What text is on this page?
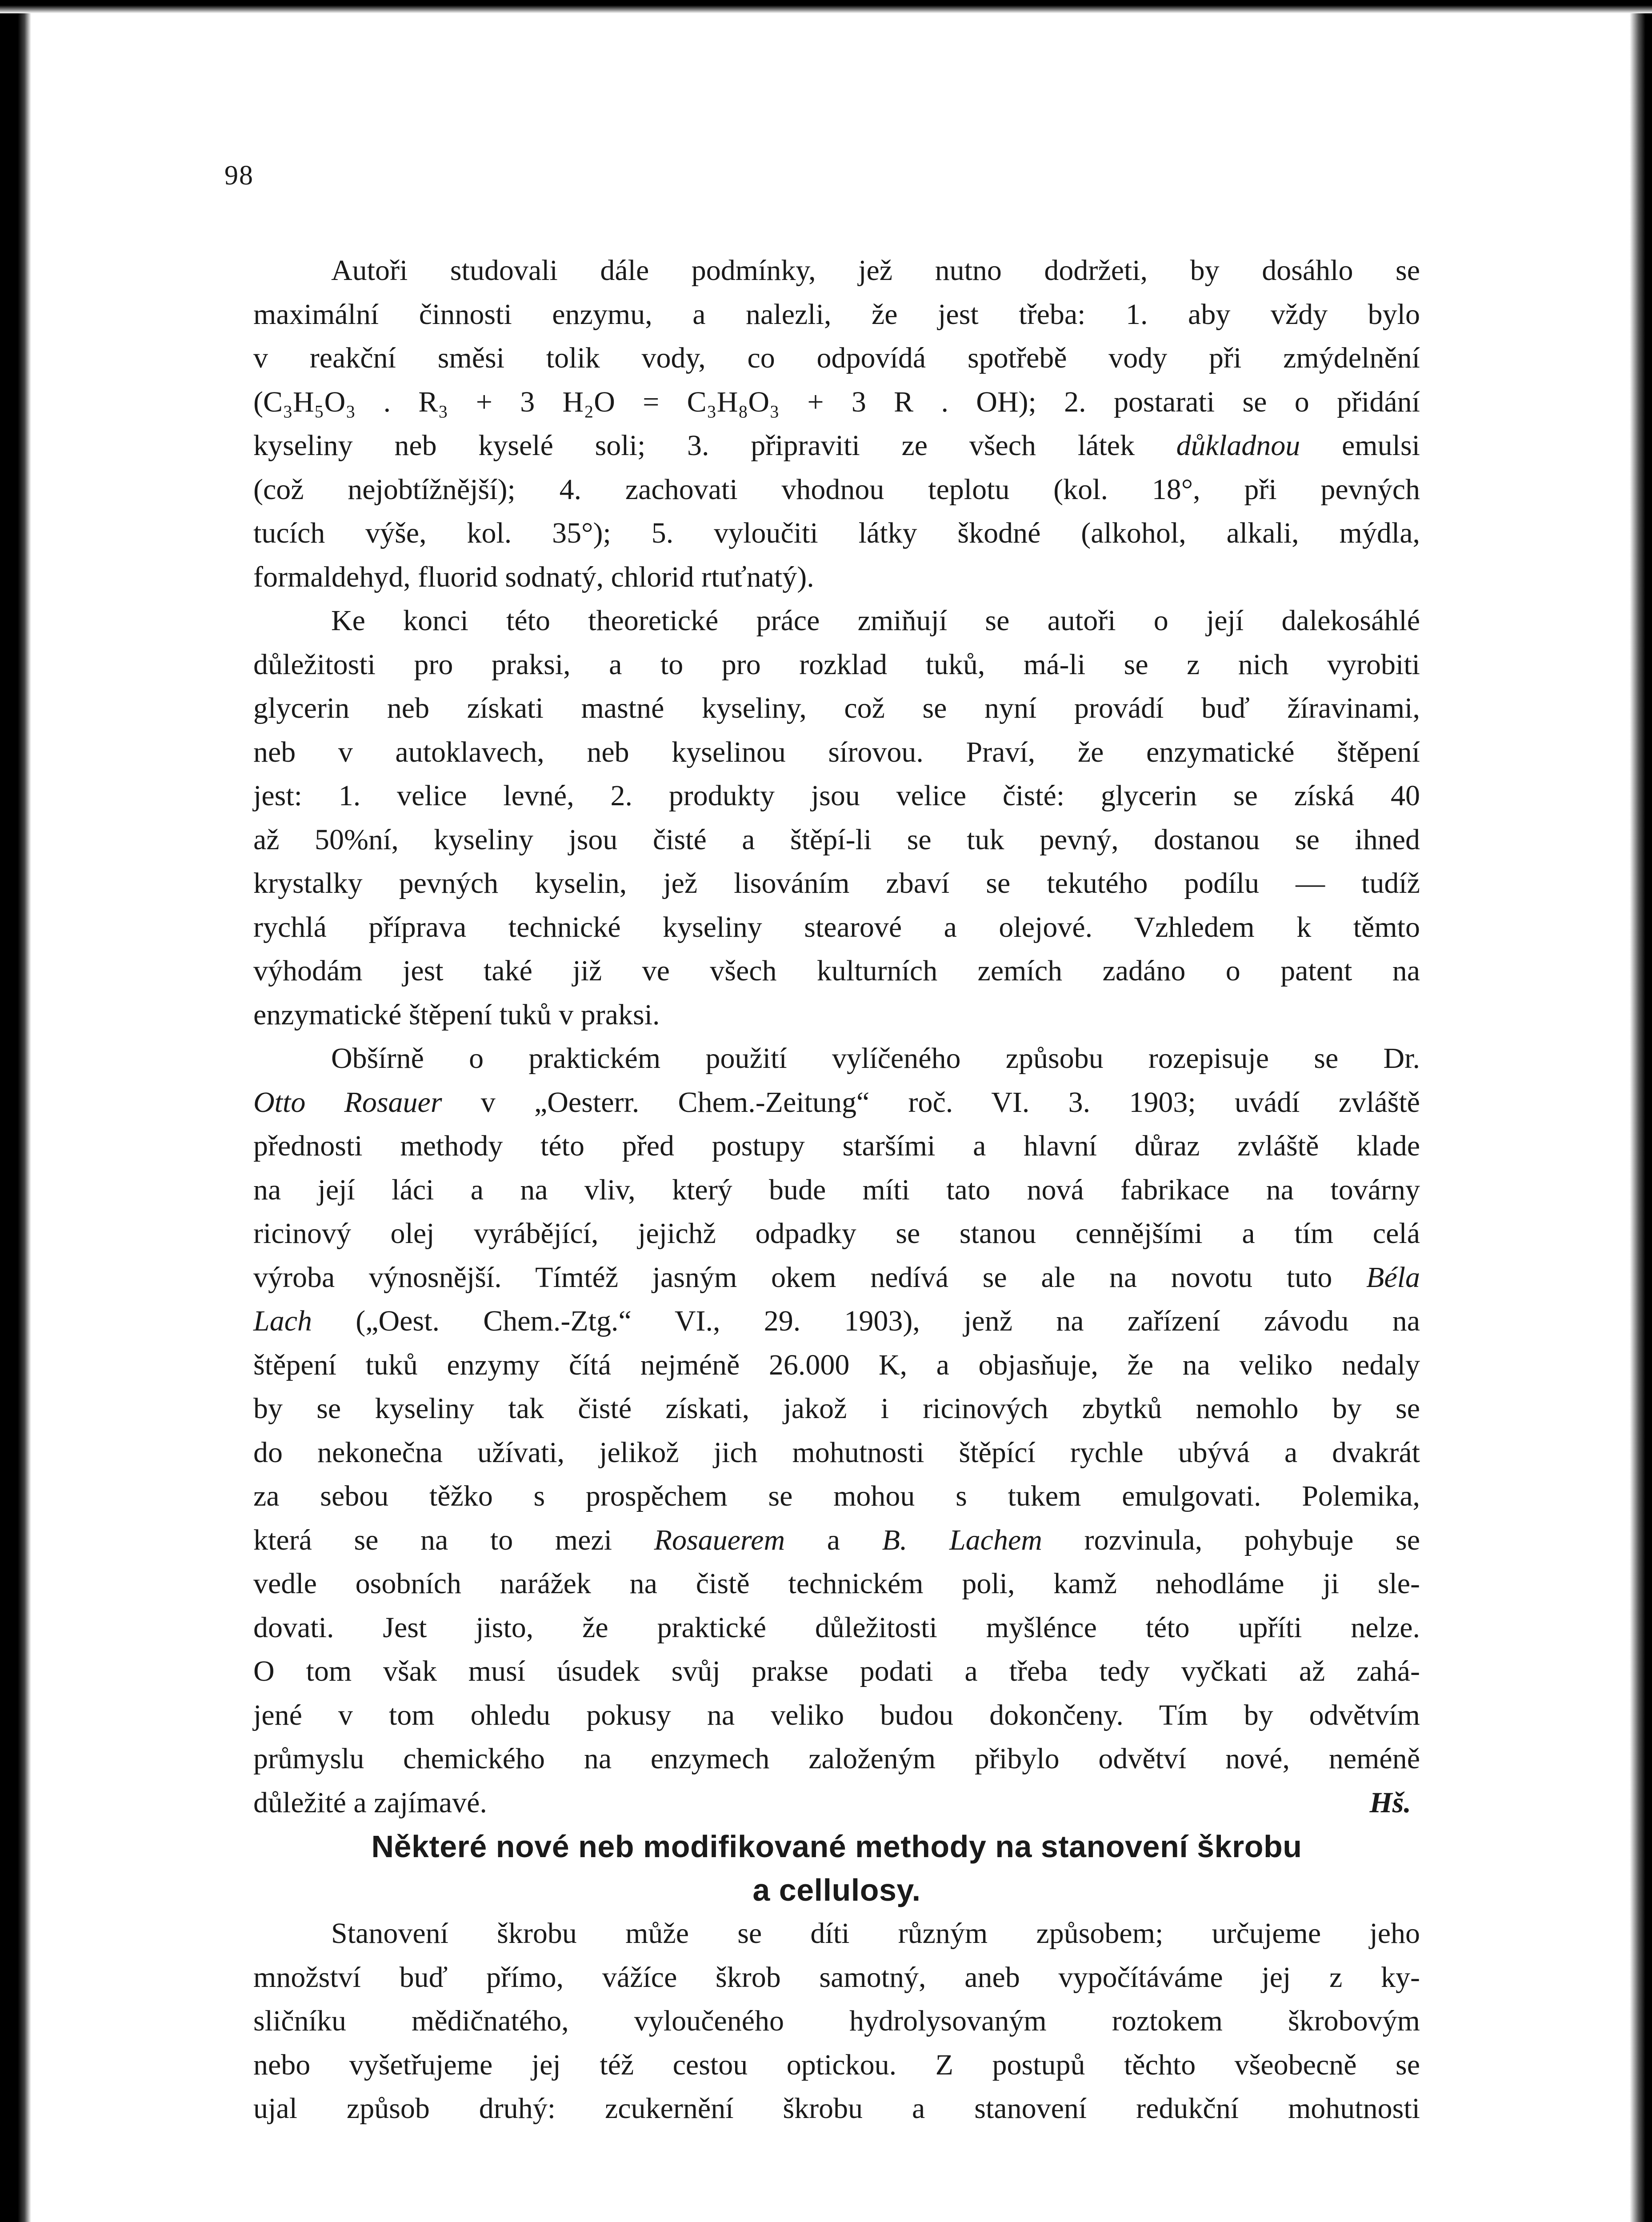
98

Autoři studovali dále podmínky, jež nutno dodržeti, by dosáhlo se
maximální činnosti enzymu, a nalezli, že jest třeba: 1. aby vždy bylo
v reakční směsi tolik vody, co odpovídá spotřebě vody při zmýdelnění
(C₃H₅O₃ . R₃ + 3 H₂O = C₃H₈O₃ + 3 R . OH); 2. postarati se o přidání
kyseliny neb kyselé soli; 3. připraviti ze všech látek důkladnou emulsi
(což nejobtížnější); 4. zachovati vhodnou teplotu (kol. 18°, při pevných
tucích výše, kol. 35°); 5. vyloučiti látky škodné (alkohol, alkali, mýdla,
formaldehyd, fluorid sodnatý, chlorid rtuťnatý).

Ke konci této theoretické práce zmiňují se autoři o její dalekosáhlé
důležitosti pro praksi, a to pro rozklad tuků, má-li se z nich vyrobiti
glycerin neb získati mastné kyseliny, což se nyní provádí buď žíravinami,
neb v autoklavech, neb kyselinou sírovou. Praví, že enzymatické štěpení
jest: 1. velice levné, 2. produkty jsou velice čisté: glycerin se získá 40
až 50%ní, kyseliny jsou čisté a štěpí-li se tuk pevný, dostanou se ihned
krystalky pevných kyselin, jež lisováním zbaví se tekutého podílu — tudíž
rychlá příprava technické kyseliny stearové a olejové. Vzhledem k těmto
výhodám jest také již ve všech kulturních zemích zadáno o patent na
enzymatické štěpení tuků v praksi.

Obšírně o praktickém použití vylíčeného způsobu rozepisuje se Dr.
Otto Rosauer v „Oesterr. Chem.-Zeitung“ roč. VI. 3. 1903; uvádí zvláště
přednosti methody této před postupy staršími a hlavní důraz zvláště klade
na její láci a na vliv, který bude míti tato nová fabrikace na továrny
ricinový olej vyrábějící, jejichž odpadky se stanou cennějšími a tím celá
výroba výnosnější. Tímtéž jasným okem nedívá se ale na novotu tuto Béla
Lach („Oest. Chem.-Ztg.“ VI., 29. 1903), jenž na zařízení závodu na
štěpení tuků enzymy čítá nejméně 26.000 K, a objasňuje, že na veliko nedaly
by se kyseliny tak čisté získati, jakož i ricinových zbytků nemohlo by se
do nekonečna užívati, jelikož jich mohutnosti štěpící rychle ubývá a dvakrát
za sebou těžko s prospěchem se mohou s tukem emulgovati. Polemika,
která se na to mezi Rosauerem a B. Lachem rozvinula, pohybuje se
vedle osobních narážek na čistě technickém poli, kamž nehodláme ji sle-
dovati. Jest jisto, že praktické důležitosti myšlénce této upříti nelze.
O tom však musí úsudek svůj prakse podati a třeba tedy vyčkati až zahá-
jené v tom ohledu pokusy na veliko budou dokončeny. Tím by odvětvím
průmyslu chemického na enzymech založeným přibylo odvětví nové, neméně
důležité a zajímavé.	Hš.

Některé nové neb modifikované methody na stanovení škrobu
a cellulosy.

Stanovení škrobu může se díti různým způsobem; určujeme jeho
množství buď přímo, vážíce škrob samotný, aneb vypočítáváme jej z ky-
sličníku mědičnatého, vyloučeného hydrolysovaným roztokem škrobovým
nebo vyšetřujeme jej též cestou optickou. Z postupů těchto všeobecně se
ujal způsob druhý: zcukernění škrobu a stanovení redukční mohutnosti
